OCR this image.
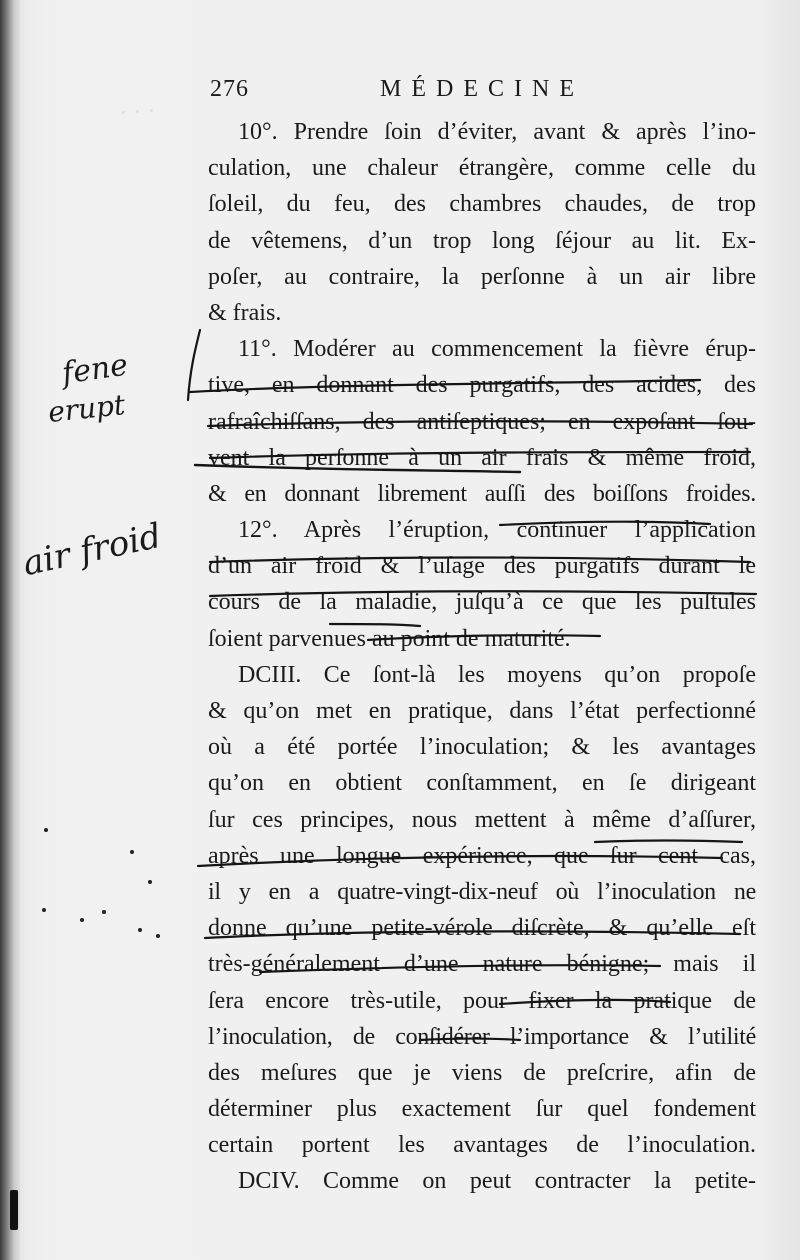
· · ·
276	MÉDECINE
10°. Prendre ſoin d’éviter, avant & après l’ino-
culation, une chaleur étrangère, comme celle du
ſoleil, du feu, des chambres chaudes, de trop
de vêtemens, d’un trop long ſéjour au lit. Ex-
poſer, au contraire, la perſonne à un air libre
& frais.
11°. Modérer au commencement la fièvre érup-
tive, en donnant des purgatifs, des acides, des
rafraîchiſſans, des antiſeptiques; en expoſant ſou-
vent la perſonne à un air frais & même froid,
& en donnant librement auſſi des boiſſons froides.
12°. Après l’éruption, continuer l’application
d’un air froid & l’uſage des purgatifs durant le
cours de la maladie, juſqu’à ce que les puſtules
ſoient parvenues au point de maturité.
DCIII. Ce ſont-là les moyens qu’on propoſe
& qu’on met en pratique, dans l’état perfectionné
où a été portée l’inoculation; & les avantages
qu’on en obtient conſtamment, en ſe dirigeant
ſur ces principes, nous mettent à même d’aſſurer,
après une longue expérience, que ſur cent cas,
il y en a quatre-vingt-dix-neuf où l’inoculation ne
donne qu’une petite-vérole diſcrète, & qu’elle eſt
très-généralement d’une nature bénigne; mais il
ſera encore très-utile, pour fixer la pratique de
l’inoculation, de conſidérer l’importance & l’utilité
des meſures que je viens de preſcrire, afin de
déterminer plus exactement ſur quel fondement
certain portent les avantages de l’inoculation.
DCIV. Comme on peut contracter la petite-
fene
erupt
air froid
